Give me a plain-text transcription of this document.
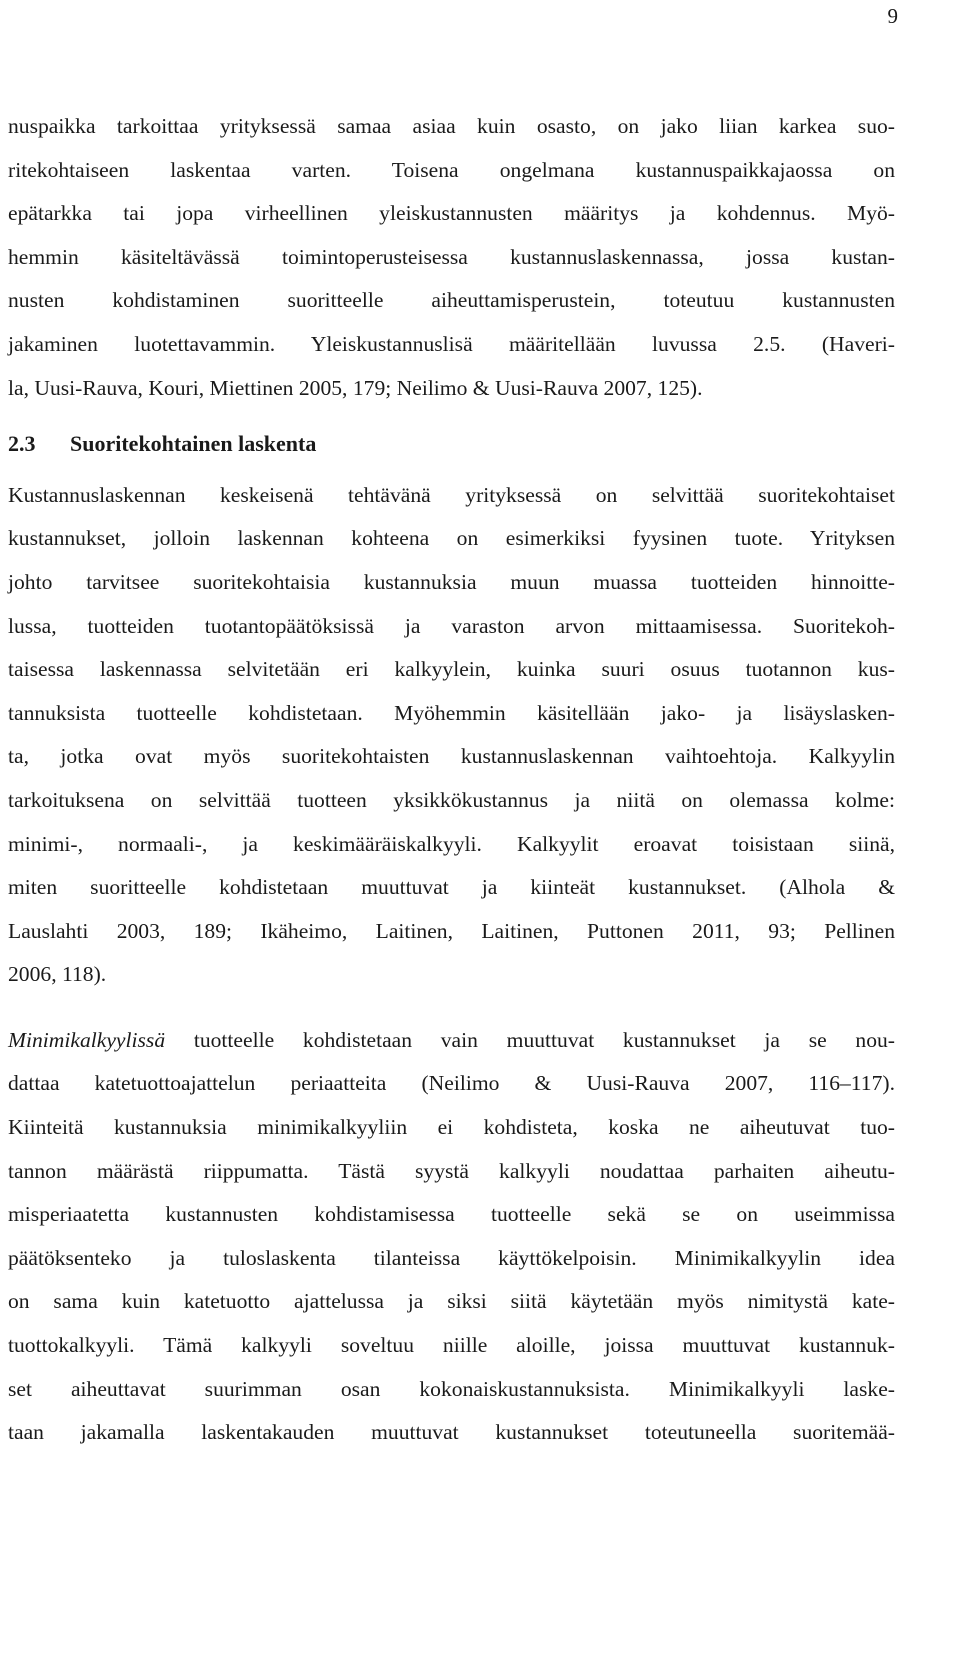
9
nuspaikka tarkoittaa yrityksessä samaa asiaa kuin osasto, on jako liian karkea suo-
ritekohtaiseen laskentaa varten. Toisena ongelmana kustannuspaikkajaossa on
epätarkka tai jopa virheellinen yleiskustannusten määritys ja kohdennus. Myö-
hemmin käsiteltävässä toimintoperusteisessa kustannuslaskennassa, jossa kustan-
nusten kohdistaminen suoritteelle aiheuttamisperustein, toteutuu kustannusten
jakaminen luotettavammin. Yleiskustannuslisä määritellään luvussa 2.5. (Haveri-
la, Uusi-Rauva, Kouri, Miettinen 2005, 179; Neilimo & Uusi-Rauva 2007, 125).
2.3 Suoritekohtainen laskenta
Kustannuslaskennan keskeisenä tehtävänä yrityksessä on selvittää suoritekohtaiset
kustannukset, jolloin laskennan kohteena on esimerkiksi fyysinen tuote. Yrityksen
johto tarvitsee suoritekohtaisia kustannuksia muun muassa tuotteiden hinnoitte-
lussa, tuotteiden tuotantopäätöksissä ja varaston arvon mittaamisessa. Suoritekoh-
taisessa laskennassa selvitetään eri kalkyylein, kuinka suuri osuus tuotannon kus-
tannuksista tuotteelle kohdistetaan. Myöhemmin käsitellään jako- ja lisäyslasken-
ta, jotka ovat myös suoritekohtaisten kustannuslaskennan vaihtoehtoja. Kalkyylin
tarkoituksena on selvittää tuotteen yksikkökustannus ja niitä on olemassa kolme:
minimi-, normaali-, ja keskimääräiskalkyyli. Kalkyylit eroavat toisistaan siinä,
miten suoritteelle kohdistetaan muuttuvat ja kiinteät kustannukset. (Alhola &
Lauslahti 2003, 189; Ikäheimo, Laitinen, Laitinen, Puttonen 2011, 93; Pellinen
2006, 118).
Minimikalkyylissä tuotteelle kohdistetaan vain muuttuvat kustannukset ja se nou-
dattaa katetuottoajattelun periaatteita (Neilimo & Uusi-Rauva 2007, 116–117).
Kiinteitä kustannuksia minimikalkyyliin ei kohdisteta, koska ne aiheutuvat tuo-
tannon määrästä riippumatta. Tästä syystä kalkyyli noudattaa parhaiten aiheutu-
misperiaatetta kustannusten kohdistamisessa tuotteelle sekä se on useimmissa
päätöksenteko ja tuloslaskenta tilanteissa käyttökelpoisin. Minimikalkyylin idea
on sama kuin katetuotto ajattelussa ja siksi siitä käytetään myös nimitystä kate-
tuottokalkyyli. Tämä kalkyyli soveltuu niille aloille, joissa muuttuvat kustannuk-
set aiheuttavat suurimman osan kokonaiskustannuksista. Minimikalkyyli laske-
taan jakamalla laskentakauden muuttuvat kustannukset toteutuneella suoritemää-
